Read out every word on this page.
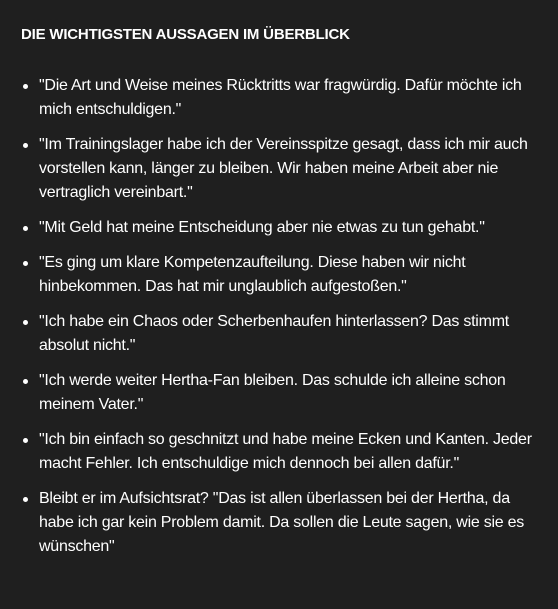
DIE WICHTIGSTEN AUSSAGEN IM ÜBERBLICK
"Die Art und Weise meines Rücktritts war fragwürdig. Dafür möchte ich mich entschuldigen."
"Im Trainingslager habe ich der Vereinsspitze gesagt, dass ich mir auch vorstellen kann, länger zu bleiben. Wir haben meine Arbeit aber nie vertraglich vereinbart."
"Mit Geld hat meine Entscheidung aber nie etwas zu tun gehabt."
"Es ging um klare Kompetenzaufteilung. Diese haben wir nicht hinbekommen. Das hat mir unglaublich aufgestoßen."
"Ich habe ein Chaos oder Scherbenhaufen hinterlassen? Das stimmt absolut nicht."
"Ich werde weiter Hertha-Fan bleiben. Das schulde ich alleine schon meinem Vater."
"Ich bin einfach so geschnitzt und habe meine Ecken und Kanten. Jeder macht Fehler. Ich entschuldige mich dennoch bei allen dafür."
Bleibt er im Aufsichtsrat? "Das ist allen überlassen bei der Hertha, da habe ich gar kein Problem damit. Da sollen die Leute sagen, wie sie es wünschen"
